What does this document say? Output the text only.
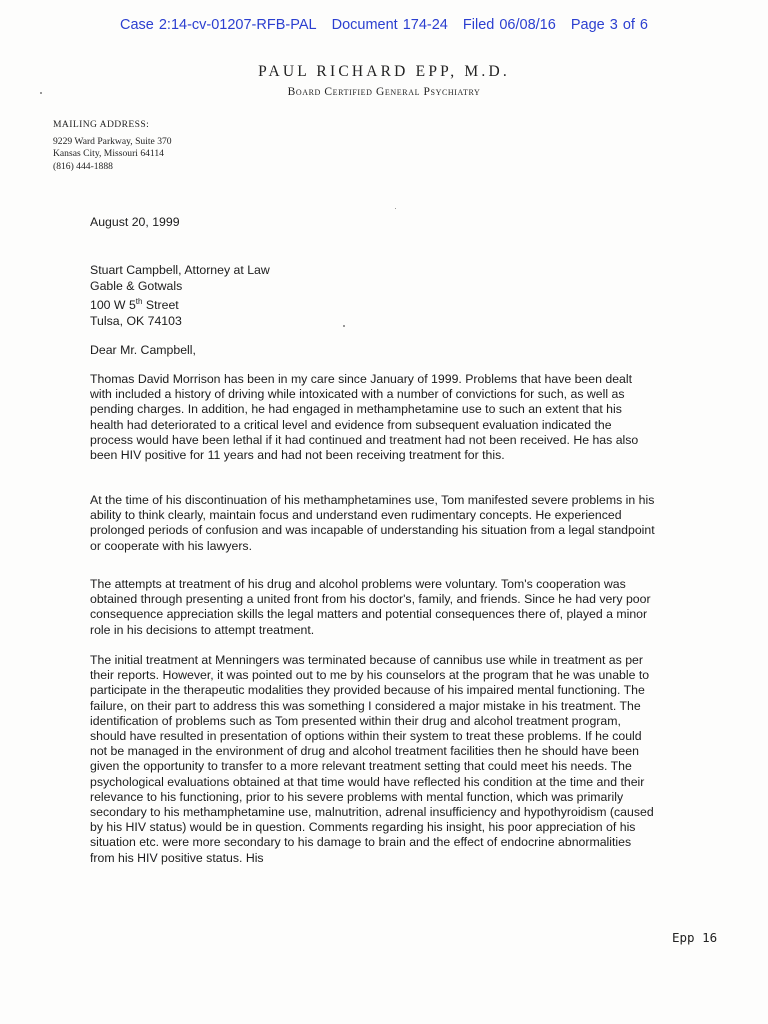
Case 2:14-cv-01207-RFB-PAL Document 174-24 Filed 06/08/16 Page 3 of 6
PAUL RICHARD EPP, M.D.
Board Certified General Psychiatry
MAILING ADDRESS:
9229 Ward Parkway, Suite 370
Kansas City, Missouri 64114
(816) 444-1888
August 20, 1999
Stuart Campbell, Attorney at Law
Gable & Gotwals
100 W 5th Street
Tulsa, OK 74103
Dear Mr. Campbell,
Thomas David Morrison has been in my care since January of 1999. Problems that have been dealt with included a history of driving while intoxicated with a number of convictions for such, as well as pending charges. In addition, he had engaged in methamphetamine use to such an extent that his health had deteriorated to a critical level and evidence from subsequent evaluation indicated the process would have been lethal if it had continued and treatment had not been received. He has also been HIV positive for 11 years and had not been receiving treatment for this.
At the time of his discontinuation of his methamphetamines use, Tom manifested severe problems in his ability to think clearly, maintain focus and understand even rudimentary concepts. He experienced prolonged periods of confusion and was incapable of understanding his situation from a legal standpoint or cooperate with his lawyers.
The attempts at treatment of his drug and alcohol problems were voluntary. Tom's cooperation was obtained through presenting a united front from his doctor's, family, and friends. Since he had very poor consequence appreciation skills the legal matters and potential consequences there of, played a minor role in his decisions to attempt treatment.
The initial treatment at Menningers was terminated because of cannibus use while in treatment as per their reports. However, it was pointed out to me by his counselors at the program that he was unable to participate in the therapeutic modalities they provided because of his impaired mental functioning. The failure, on their part to address this was something I considered a major mistake in his treatment. The identification of problems such as Tom presented within their drug and alcohol treatment program, should have resulted in presentation of options within their system to treat these problems. If he could not be managed in the environment of drug and alcohol treatment facilities then he should have been given the opportunity to transfer to a more relevant treatment setting that could meet his needs. The psychological evaluations obtained at that time would have reflected his condition at the time and their relevance to his functioning, prior to his severe problems with mental function, which was primarily secondary to his methamphetamine use, malnutrition, adrenal insufficiency and hypothyroidism (caused by his HIV status) would be in question. Comments regarding his insight, his poor appreciation of his situation etc. were more secondary to his damage to brain and the effect of endocrine abnormalities from his HIV positive status. His
Epp 16
